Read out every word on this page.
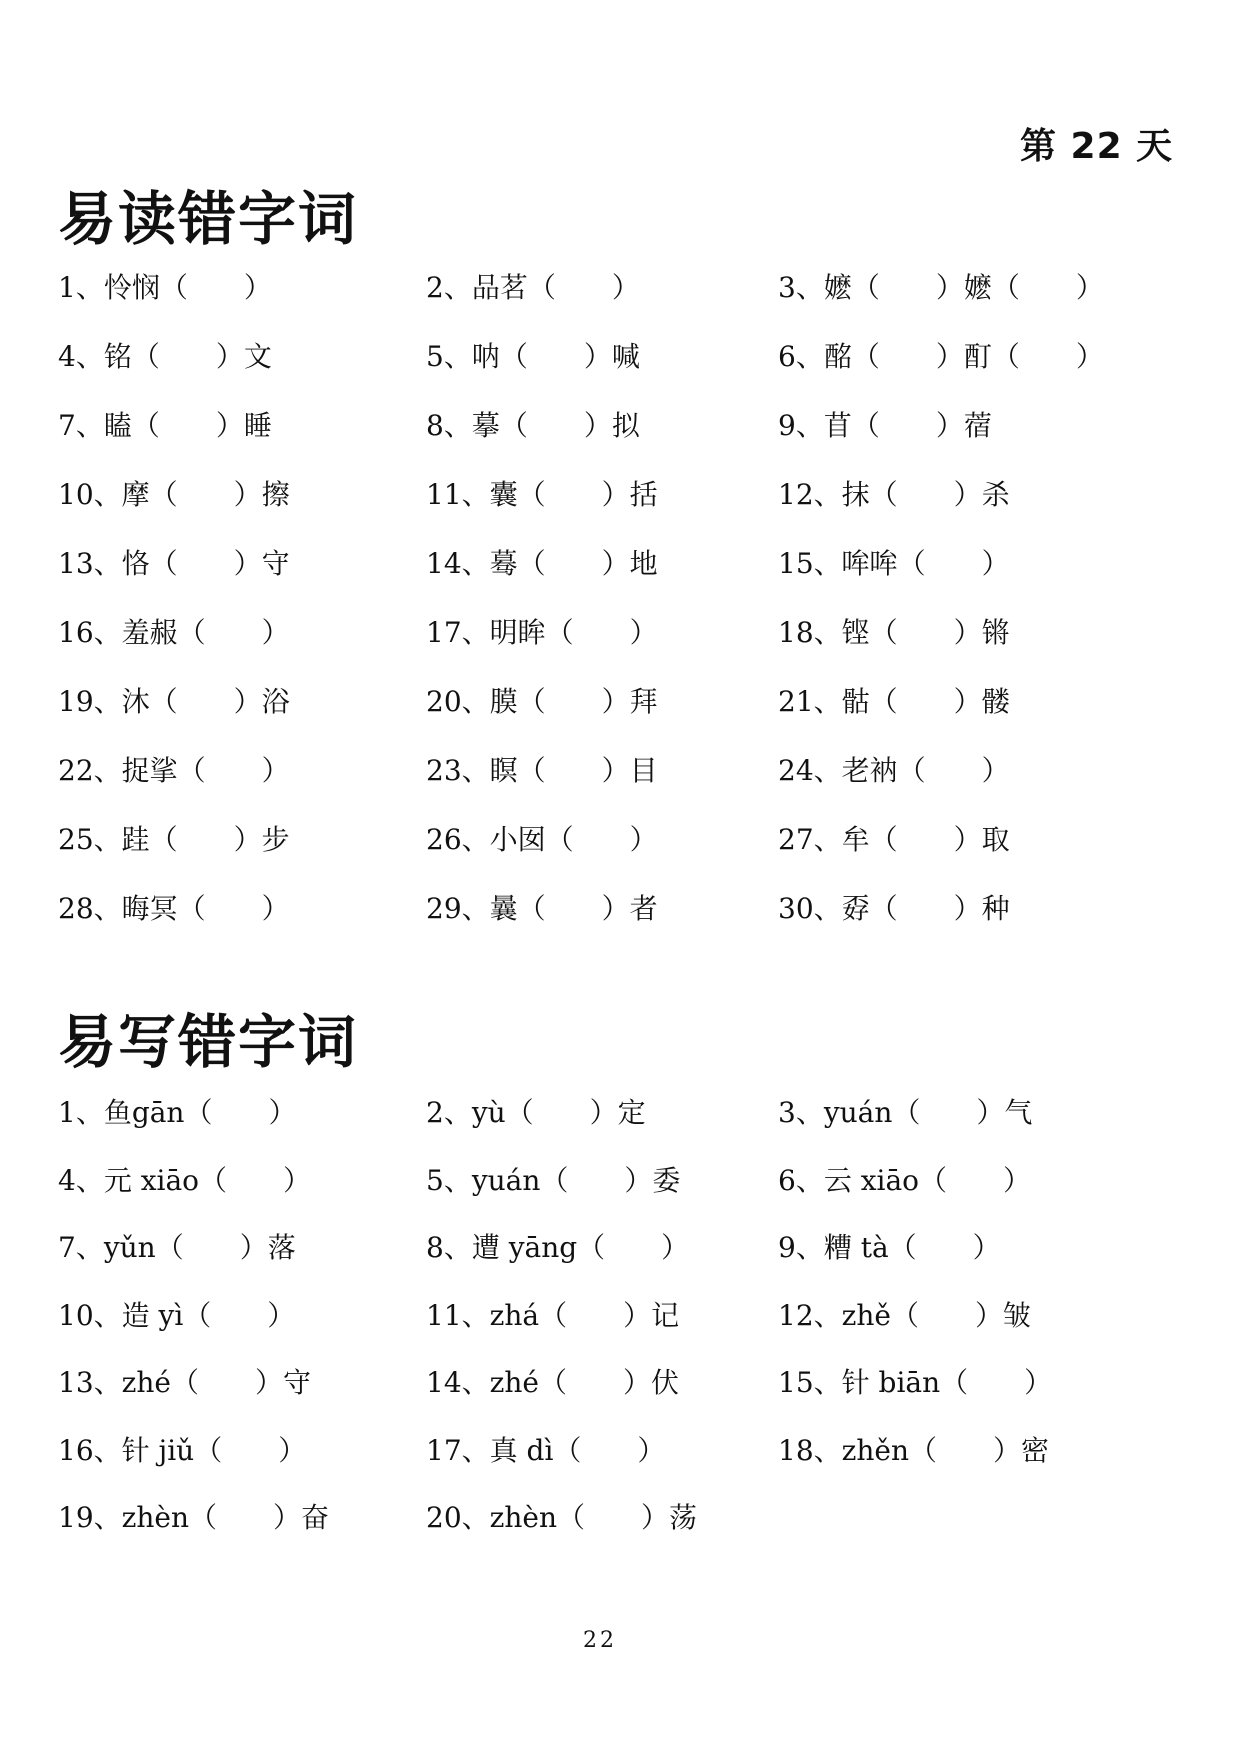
第 22 天
易读错字词
1、怜悯（　　）	2、品茗（　　）	3、嬷（　　）嬷（　　）
4、铭（　　）文	5、呐（　　）喊	6、酩（　　）酊（　　）
7、瞌（　　）睡	8、摹（　　）拟	9、苜（　　）蓿
10、摩（　　）擦	11、囊（　　）括	12、抹（　　）杀
13、恪（　　）守	14、蓦（　　）地	15、哞哞（　　）
16、羞赧（　　）	17、明眸（　　）	18、铿（　　）锵
19、沐（　　）浴	20、膜（　　）拜	21、骷（　　）髅
22、捉挲（　　）	23、瞑（　　）目	24、老衲（　　）
25、跬（　　）步	26、小囡（　　）	27、牟（　　）取
28、晦冥（　　）	29、曩（　　）者	30、孬（　　）种
易写错字词
1、鱼gān（　　）	2、yù（　　）定	3、yuán（　　）气
4、元 xiāo（　　）	5、yuán（　　）委	6、云 xiāo（　　）
7、yǔn（　　）落	8、遭 yāng（　　）	9、糟 tà（　　）
10、造 yì（　　）	11、zhá（　　）记	12、zhě（　　）皱
13、zhé（　　）守	14、zhé（　　）伏	15、针 biān（　　）
16、针 jiǔ（　　）	17、真 dì（　　）	18、zhěn（　　）密
19、zhèn（　　）奋	20、zhèn（　　）荡
22
